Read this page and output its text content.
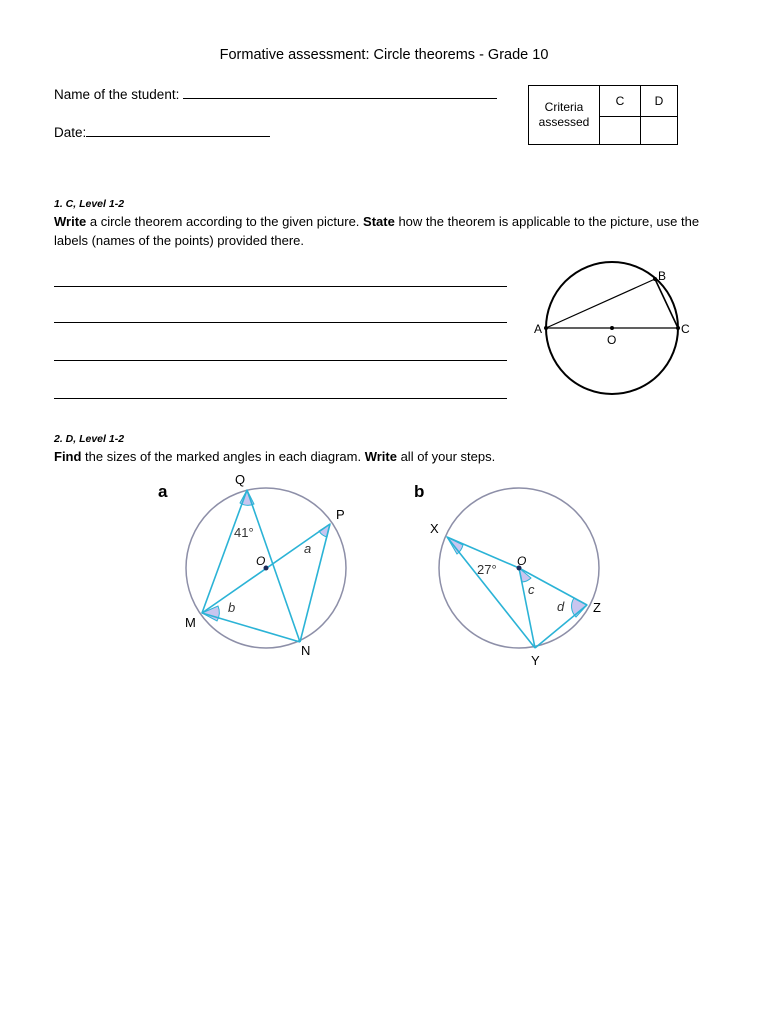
Formative assessment: Circle theorems - Grade 10
Name of the student:
Date:
Criteria assessed	C	D

1. C, Level 1-2
Write a circle theorem according to the given picture. State how the theorem is applicable to the picture, use the labels (names of the points) provided there.
A
B
C
O
2. D, Level 1-2
Find the sizes of the marked angles in each diagram. Write all of your steps.
a
Q
P
M
N
O
41°
a
b
b
X
Z
Y
O
27°
c
d
